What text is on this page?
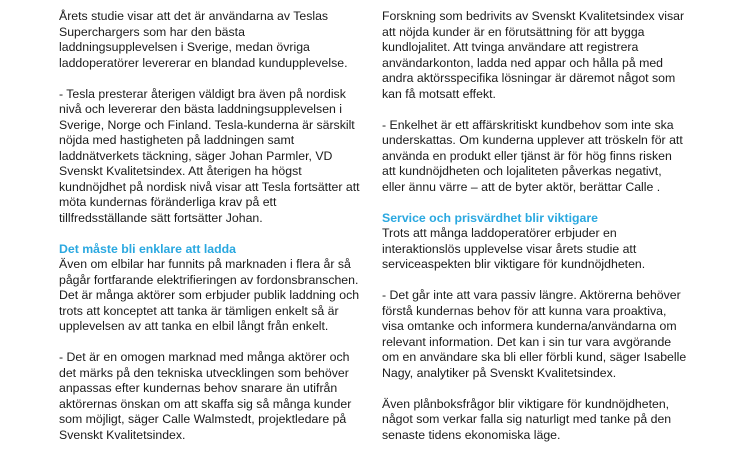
Årets studie visar att det är användarna av Teslas Superchargers som har den bästa laddningsupplevelsen i Sverige, medan övriga laddoperatörer levererar en blandad kundupplevelse.

- Tesla presterar återigen väldigt bra även på nordisk nivå och levererar den bästa laddningsupplevelsen i Sverige, Norge och Finland. Tesla-kunderna är särskilt nöjda med hastigheten på laddningen samt laddnätverkets täckning, säger Johan Parmler, VD Svenskt Kvalitetsindex. Att återigen ha högst kundnöjdhet på nordisk nivå visar att Tesla fortsätter att möta kundernas föränderliga krav på ett tillfredsställande sätt fortsätter Johan.

Det måste bli enklare att ladda

Även om elbilar har funnits på marknaden i flera år så pågår fortfarande elektrifieringen av fordonsbranschen. Det är många aktörer som erbjuder publik laddning och trots att konceptet att tanka är tämligen enkelt så är upplevelsen av att tanka en elbil långt från enkelt.

- Det är en omogen marknad med många aktörer och det märks på den tekniska utvecklingen som behöver anpassas efter kundernas behov snarare än utifrån aktörernas önskan om att skaffa sig så många kunder som möjligt, säger Calle Walmstedt, projektledare på Svenskt Kvalitetsindex.

Forskning som bedrivits av Svenskt Kvalitetsindex visar att nöjda kunder är en förutsättning för att bygga kundlojalitet. Att tvinga användare att registrera användarkonton, ladda ned appar och hålla på med andra aktörsspecifika lösningar är däremot något som kan få motsatt effekt.

- Enkelhet är ett affärskritiskt kundbehov som inte ska underskattas. Om kunderna upplever att tröskeln för att använda en produkt eller tjänst är för hög finns risken att kundnöjdheten och lojaliteten påverkas negativt, eller ännu värre – att de byter aktör, berättar Calle .

Service och prisvärdhet blir viktigare

Trots att många laddoperatörer erbjuder en interaktionslös upplevelse visar årets studie att serviceaspekten blir viktigare för kundnöjdheten.

- Det går inte att vara passiv längre. Aktörerna behöver förstå kundernas behov för att kunna vara proaktiva, visa omtanke och informera kunderna/användarna om relevant information. Det kan i sin tur vara avgörande om en användare ska bli eller förbli kund, säger Isabelle Nagy, analytiker på Svenskt Kvalitetsindex.

Även plånboksfrågor blir viktigare för kundnöjdheten, något som verkar falla sig naturligt med tanke på den senaste tidens ekonomiska läge.
